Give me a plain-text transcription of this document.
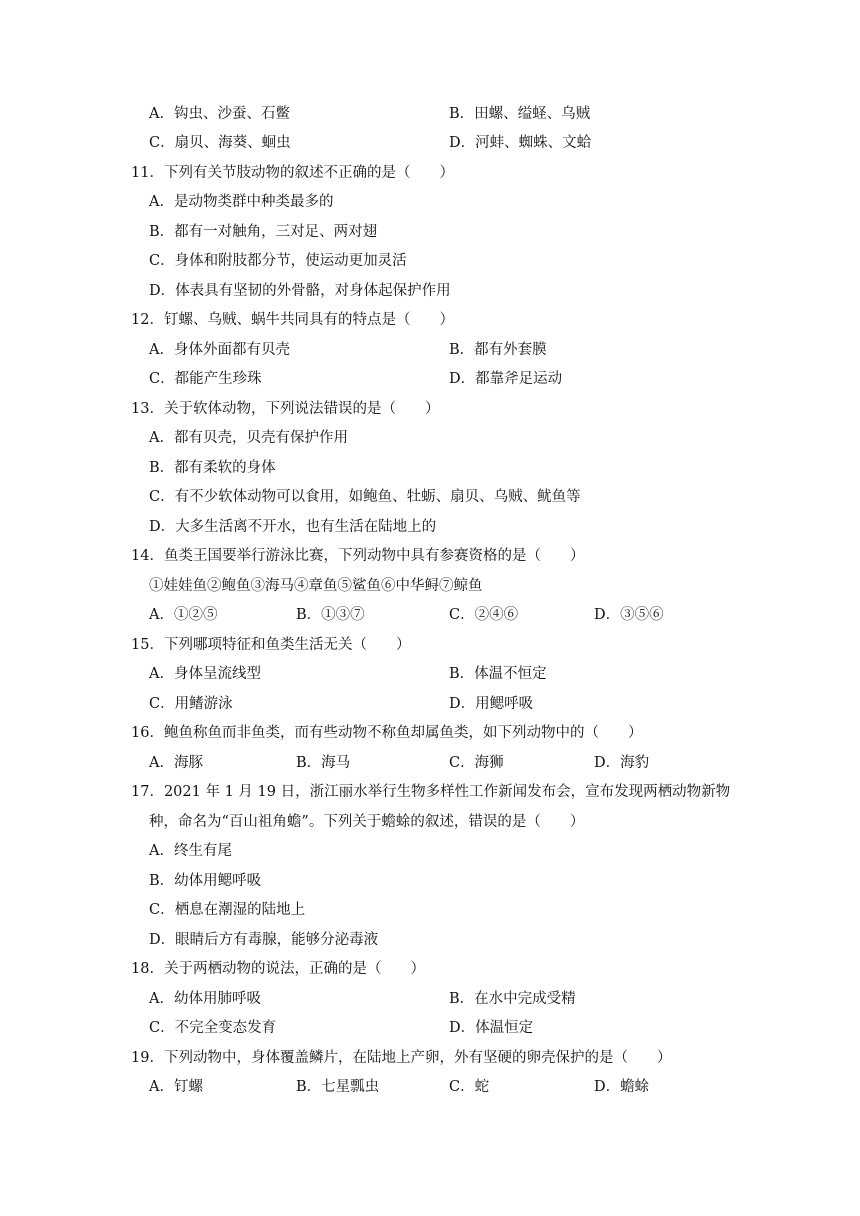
A．钩虫、沙蚕、石鳖	B．田螺、缢蛏、乌贼
C．扇贝、海葵、蛔虫	D．河蚌、蜘蛛、文蛤
11．下列有关节肢动物的叙述不正确的是（　　）
A．是动物类群中种类最多的
B．都有一对触角，三对足、两对翅
C．身体和附肢都分节，使运动更加灵活
D．体表具有坚韧的外骨骼，对身体起保护作用
12．钉螺、乌贼、蜗牛共同具有的特点是（　　）
A．身体外面都有贝壳	B．都有外套膜
C．都能产生珍珠	D．都靠斧足运动
13．关于软体动物，下列说法错误的是（　　）
A．都有贝壳，贝壳有保护作用
B．都有柔软的身体
C．有不少软体动物可以食用，如鲍鱼、牡蛎、扇贝、乌贼、鱿鱼等
D．大多生活离不开水，也有生活在陆地上的
14．鱼类王国要举行游泳比赛，下列动物中具有参赛资格的是（　　）
①娃娃鱼②鲍鱼③海马④章鱼⑤鲨鱼⑥中华鲟⑦鲸鱼
A．①②⑤	B．①③⑦	C．②④⑥	D．③⑤⑥
15．下列哪项特征和鱼类生活无关（　　）
A．身体呈流线型	B．体温不恒定
C．用鳍游泳	D．用鳃呼吸
16．鲍鱼称鱼而非鱼类，而有些动物不称鱼却属鱼类，如下列动物中的（　　）
A．海豚	B．海马	C．海狮	D．海豹
17．2021 年 1 月 19 日，浙江丽水举行生物多样性工作新闻发布会，宣布发现两栖动物新物
种，命名为“百山祖角蟾”。下列关于蟾蜍的叙述，错误的是（　　）
A．终生有尾
B．幼体用鳃呼吸
C．栖息在潮湿的陆地上
D．眼睛后方有毒腺，能够分泌毒液
18．关于两栖动物的说法，正确的是（　　）
A．幼体用肺呼吸	B．在水中完成受精
C．不完全变态发育	D．体温恒定
19．下列动物中，身体覆盖鳞片，在陆地上产卵，外有坚硬的卵壳保护的是（　　）
A．钉螺	B．七星瓢虫	C．蛇	D．蟾蜍
